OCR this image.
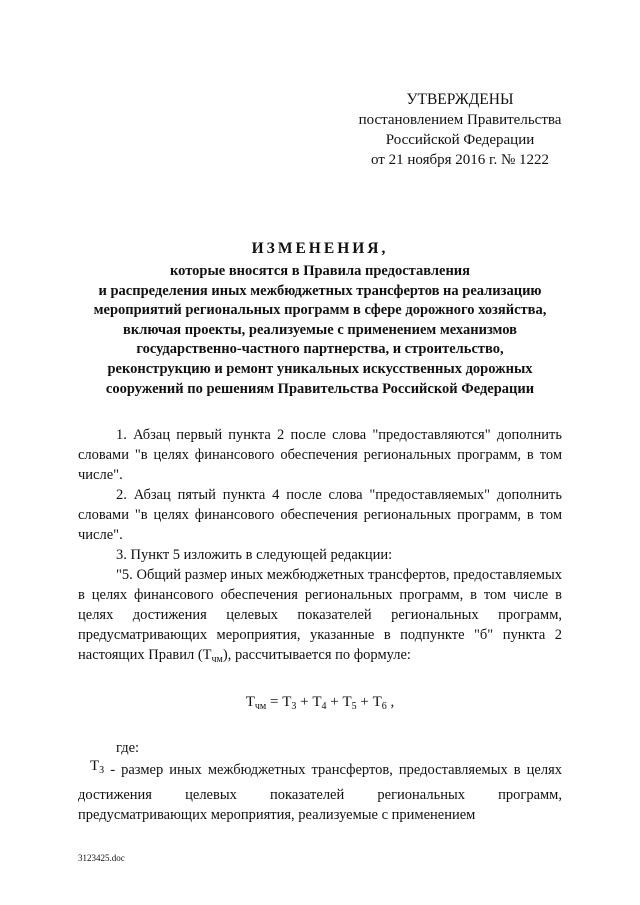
УТВЕРЖДЕНЫ
постановлением Правительства
Российской Федерации
от 21 ноября 2016 г. № 1222
ИЗМЕНЕНИЯ,
которые вносятся в Правила предоставления
и распределения иных межбюджетных трансфертов на реализацию
мероприятий региональных программ в сфере дорожного хозяйства,
включая проекты, реализуемые с применением механизмов
государственно-частного партнерства, и строительство,
реконструкцию и ремонт уникальных искусственных дорожных
сооружений по решениям Правительства Российской Федерации

1. Абзац первый пункта 2 после слова "предоставляются" дополнить словами "в целях финансового обеспечения региональных программ, в том числе".

2. Абзац пятый пункта 4 после слова "предоставляемых" дополнить словами "в целях финансового обеспечения региональных программ, в том числе".

3. Пункт 5 изложить в следующей редакции:

"5. Общий размер иных межбюджетных трансфертов, предоставляемых в целях финансового обеспечения региональных программ, в том числе в целях достижения целевых показателей региональных программ, предусматривающих мероприятия, указанные в подпункте "б" пункта 2 настоящих Правил $(Т_{чм})$, рассчитывается по формуле:

$Т_{чм} = Т_3 + Т_4 + Т_5 + Т_6$ ,
где:

$Т_З$ - размер иных межбюджетных трансфертов, предоставляемых в целях достижения целевых показателей региональных программ, предусматривающих мероприятия, реализуемые с применением

3123425.doc
